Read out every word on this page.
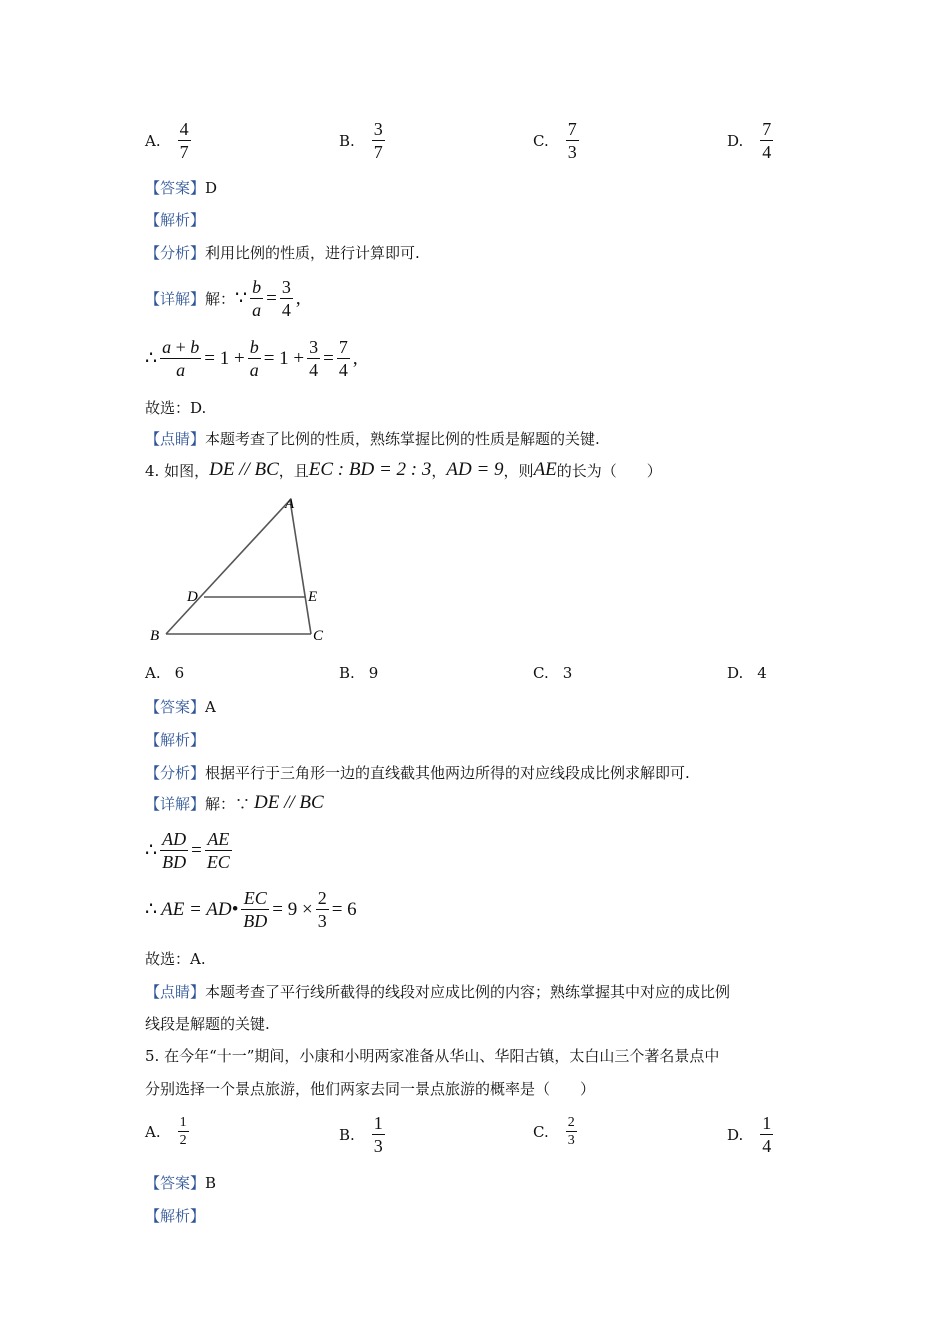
A. $\frac{4}{7}$	B. $\frac{3}{7}$	C. $\frac{7}{3}$	D. $\frac{7}{4}$
【答案】D
【解析】
【分析】利用比例的性质，进行计算即可.
【详解】 解： ∵ $\frac{b}{a} = \frac{3}{4}$ ,
∴ $\frac{a + b}{a} = 1 + \frac{b}{a} = 1 + \frac{3}{4} = \frac{7}{4}$ ,
故选：D.
【点睛】本题考查了比例的性质，熟练掌握比例的性质是解题的关键.
4. 如图， DE // BC ，且 EC : BD = 2 : 3 ， AD = 9 ，则 AE 的长为（　　）
A
D	E
B	C
A. 6	B. 9	C. 3	D. 4
【答案】A
【解析】
【分析】根据平行于三角形一边的直线截其他两边所得的对应线段成比例求解即可.
【详解】 解：∵ DE // BC
∴ $\frac{AD}{BD} = \frac{AE}{EC}$
∴ AE = AD• $\frac{EC}{BD} = 9 \times \frac{2}{3} = 6$
故选：A.
【点睛】本题考查了平行线所截得的线段对应成比例的内容；熟练掌握其中对应的成比例
线段是解题的关键.
5. 在今年“十一”期间，小康和小明两家准备从华山、华阳古镇，太白山三个著名景点中
分别选择一个景点旅游，他们两家去同一景点旅游的概率是（　　）
A. $\frac{1}{2}$	B. $\frac{1}{3}$	C. $\frac{2}{3}$	D. $\frac{1}{4}$
【答案】B
【解析】
